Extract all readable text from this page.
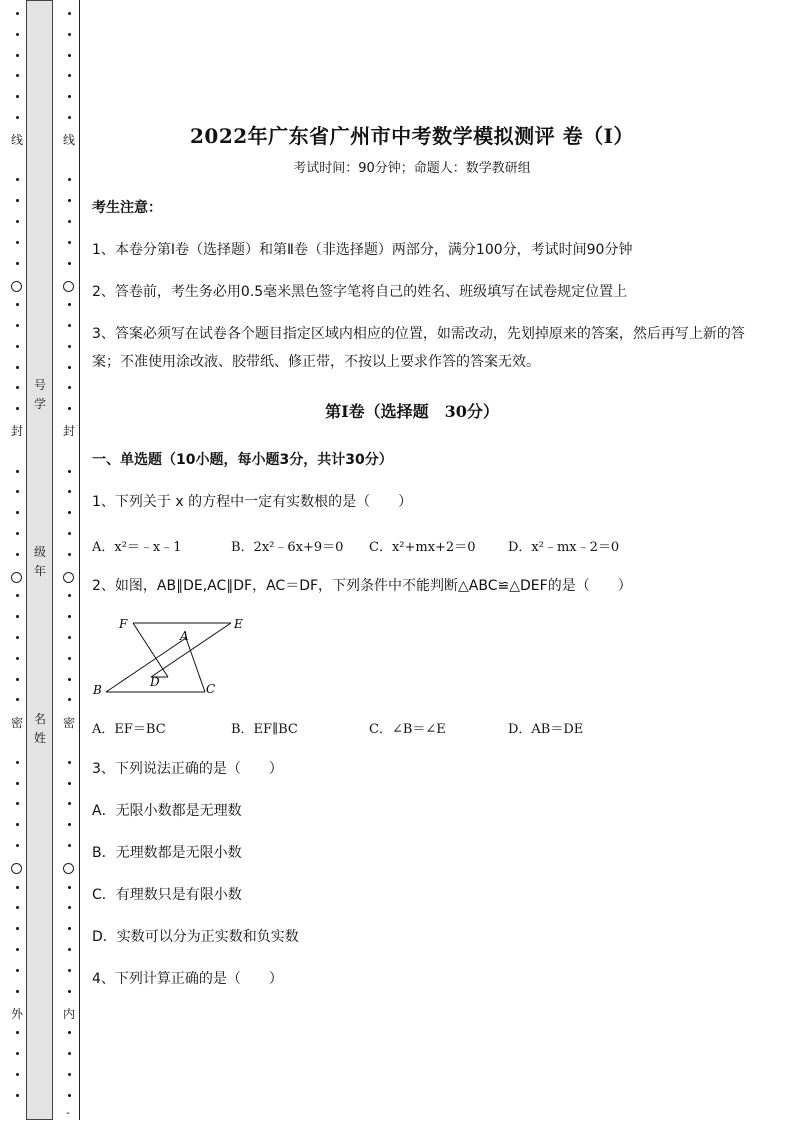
线
封
密
外
线
封
密
内
号学
级年
名姓
-
2022年广东省广州市中考数学模拟测评 卷（Ⅰ）
考试时间：90分钟；命题人：数学教研组
考生注意：
1、本卷分第Ⅰ卷（选择题）和第Ⅱ卷（非选择题）两部分，满分100分，考试时间90分钟
2、答卷前，考生务必用0.5毫米黑色签字笔将自己的姓名、班级填写在试卷规定位置上
3、答案必须写在试卷各个题目指定区域内相应的位置，如需改动，先划掉原来的答案，然后再写上新的答案；不准使用涂改液、胶带纸、修正带，不按以上要求作答的答案无效。
第Ⅰ卷（选择题　30分）
一、单选题（10小题，每小题3分，共计30分）
1、下列关于 x 的方程中一定有实数根的是（　　）
A．x²＝﹣x﹣1	B．2x²﹣6x+9＝0 C．x²+mx+2＝0	D．x²﹣mx﹣2＝0
2、如图，AB∥DE,AC∥DF，AC＝DF，下列条件中不能判断△ABC≌△DEF的是（　　）
F	E
A
D
B	C
A．EF＝BC	B．EF∥BC	C．∠B＝∠E	D．AB＝DE
3、下列说法正确的是（　　）
A．无限小数都是无理数
B．无理数都是无限小数
C．有理数只是有限小数
D．实数可以分为正实数和负实数
4、下列计算正确的是（　　）
